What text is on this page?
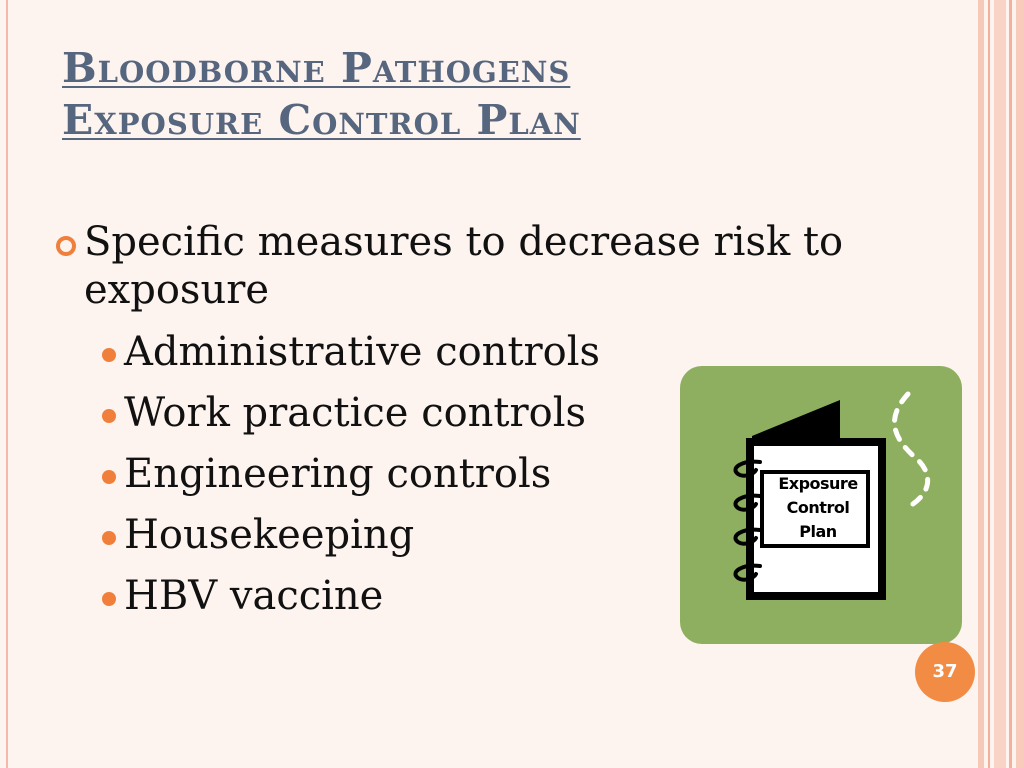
Bloodborne Pathogens
Exposure Control Plan
Specific measures to decrease risk to exposure
Administrative controls
Work practice controls
Engineering controls
Housekeeping
HBV vaccine
Exposure
Control
Plan
37
